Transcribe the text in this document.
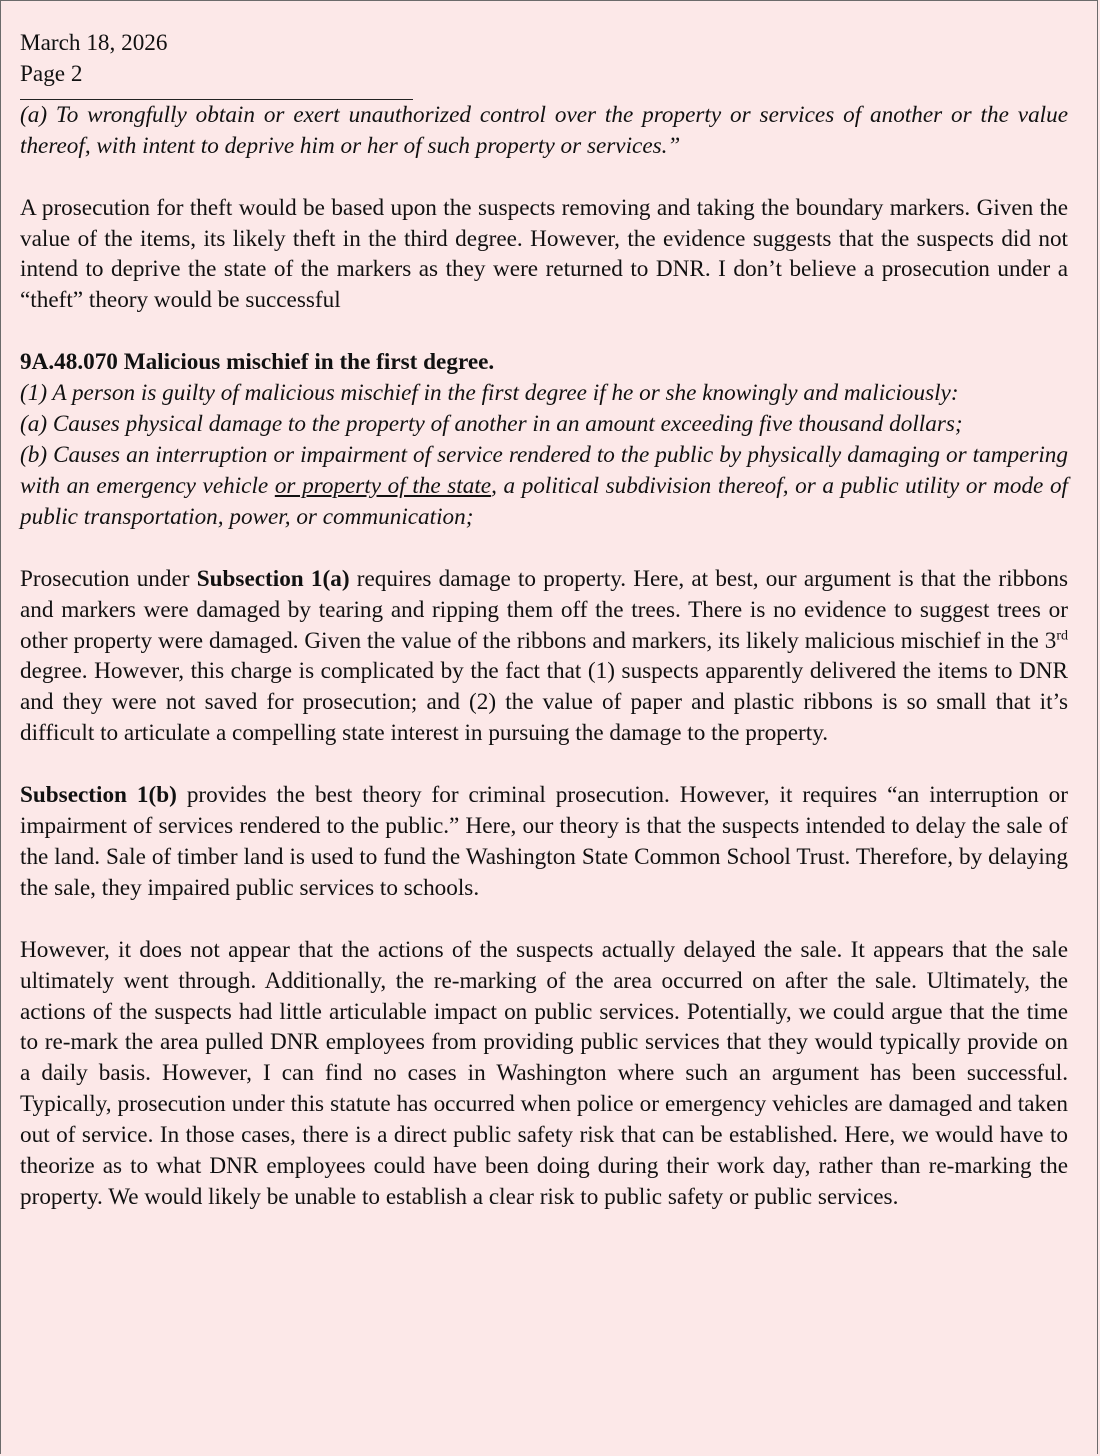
March 18, 2026
Page 2

(a) To wrongfully obtain or exert unauthorized control over the property or services of another or the value thereof, with intent to deprive him or her of such property or services.”

A prosecution for theft would be based upon the suspects removing and taking the boundary markers. Given the value of the items, its likely theft in the third degree. However, the evidence suggests that the suspects did not intend to deprive the state of the markers as they were returned to DNR. I don’t believe a prosecution under a “theft” theory would be successful

9A.48.070 Malicious mischief in the first degree.

(1) A person is guilty of malicious mischief in the first degree if he or she knowingly and maliciously:

(a) Causes physical damage to the property of another in an amount exceeding five thousand dollars;

(b) Causes an interruption or impairment of service rendered to the public by physically damaging or tampering with an emergency vehicle or property of the state, a political subdivision thereof, or a public utility or mode of public transportation, power, or communication;

Prosecution under Subsection 1(a) requires damage to property. Here, at best, our argument is that the ribbons and markers were damaged by tearing and ripping them off the trees. There is no evidence to suggest trees or other property were damaged. Given the value of the ribbons and markers, its likely malicious mischief in the 3rd degree. However, this charge is complicated by the fact that (1) suspects apparently delivered the items to DNR and they were not saved for prosecution; and (2) the value of paper and plastic ribbons is so small that it’s difficult to articulate a compelling state interest in pursuing the damage to the property.

Subsection 1(b) provides the best theory for criminal prosecution. However, it requires “an interruption or impairment of services rendered to the public.” Here, our theory is that the suspects intended to delay the sale of the land. Sale of timber land is used to fund the Washington State Common School Trust. Therefore, by delaying the sale, they impaired public services to schools.

However, it does not appear that the actions of the suspects actually delayed the sale. It appears that the sale ultimately went through. Additionally, the re-marking of the area occurred on after the sale. Ultimately, the actions of the suspects had little articulable impact on public services. Potentially, we could argue that the time to re-mark the area pulled DNR employees from providing public services that they would typically provide on a daily basis. However, I can find no cases in Washington where such an argument has been successful. Typically, prosecution under this statute has occurred when police or emergency vehicles are damaged and taken out of service. In those cases, there is a direct public safety risk that can be established. Here, we would have to theorize as to what DNR employees could have been doing during their work day, rather than re-marking the property. We would likely be unable to establish a clear risk to public safety or public services.
